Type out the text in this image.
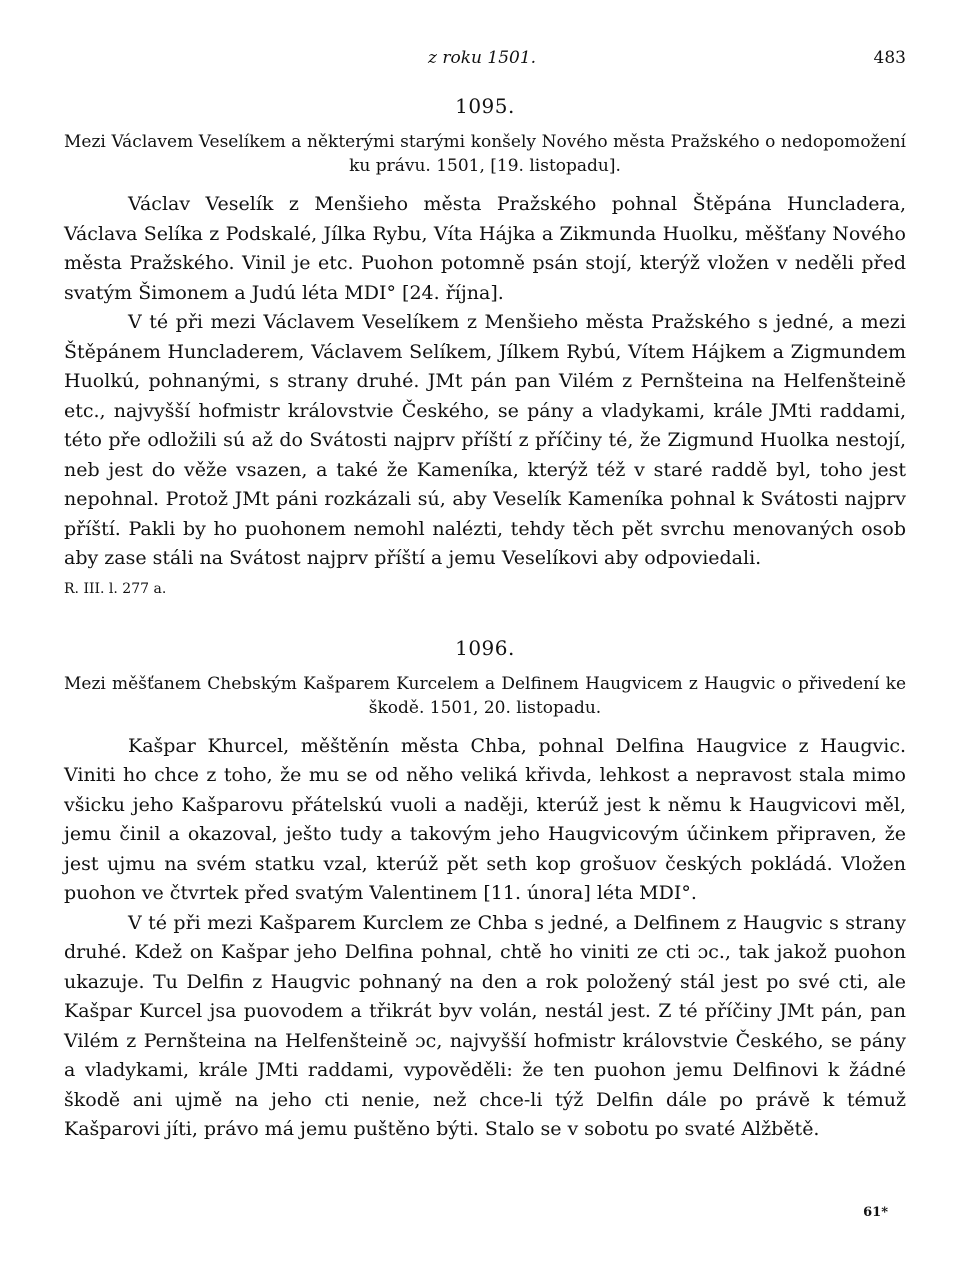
z roku 1501.	483
1095.

Mezi Václavem Veselíkem a některými starými konšely Nového města Pražského o nedopomožení ku právu. 1501, [19. listopadu].

Václav Veselík z Menšieho města Pražského pohnal Štěpána Huncladera, Václava Selíka z Podskalé, Jílka Rybu, Víta Hájka a Zikmunda Huolku, měšťany Nového města Pražského. Vinil je etc. Puohon potomně psán stojí, kterýž vložen v neděli před svatým Šimonem a Judú léta MDI° [24. října].

V té při mezi Václavem Veselíkem z Menšieho města Pražského s jedné, a mezi Štěpánem Huncladerem, Václavem Selíkem, Jílkem Rybú, Vítem Hájkem a Zigmundem Huolkú, pohnanými, s strany druhé. JMt pán pan Vilém z Pernšteina na Helfenšteině etc., najvyšší hofmistr královstvie Českého, se pány a vladykami, krále JMti raddami, této pře odložili sú až do Svátosti najprv příští z příčiny té, že Zigmund Huolka nestojí, neb jest do věže vsazen, a také že Kameníka, kterýž též v staré raddě byl, toho jest nepohnal. Protož JMt páni rozkázali sú, aby Veselík Kameníka pohnal k Svátosti najprv příští. Pakli by ho puohonem nemohl nalézti, tehdy těch pět svrchu menovaných osob aby zase stáli na Svátost najprv příští a jemu Veselíkovi aby odpoviedali.

R. III. l. 277 a.

1096.

Mezi měšťanem Chebským Kašparem Kurcelem a Delfinem Haugvicem z Haugvic o přivedení ke škodě. 1501, 20. listopadu.

Kašpar Khurcel, měštěnín města Chba, pohnal Delfina Haugvice z Haugvic. Viniti ho chce z toho, že mu se od něho veliká křivda, lehkost a nepravost stala mimo všicku jeho Kašparovu přátelskú vuoli a naději, kterúž jest k němu k Haugvicovi měl, jemu činil a okazoval, ješto tudy a takovým jeho Haugvicovým účinkem připraven, že jest ujmu na svém statku vzal, kterúž pět seth kop grošuov českých pokládá. Vložen puohon ve čtvrtek před svatým Valentinem [11. února] léta MDI°.

V té při mezi Kašparem Kurclem ze Chba s jedné, a Delfinem z Haugvic s strany druhé. Kdež on Kašpar jeho Delfina pohnal, chtě ho viniti ze cti ɔc., tak jakož puohon ukazuje. Tu Delfin z Haugvic pohnaný na den a rok položený stál jest po své cti, ale Kašpar Kurcel jsa puovodem a třikrát byv volán, nestál jest. Z té příčiny JMt pán, pan Vilém z Pernšteina na Helfenšteině ɔc, najvyšší hofmistr královstvie Českého, se pány a vladykami, krále JMti raddami, vypověděli: že ten puohon jemu Delfinovi k žádné škodě ani ujmě na jeho cti nenie, než chce-li týž Delfin dále po právě k témuž Kašparovi jíti, právo má jemu puštěno býti. Stalo se v sobotu po svaté Alžbětě.

61*
